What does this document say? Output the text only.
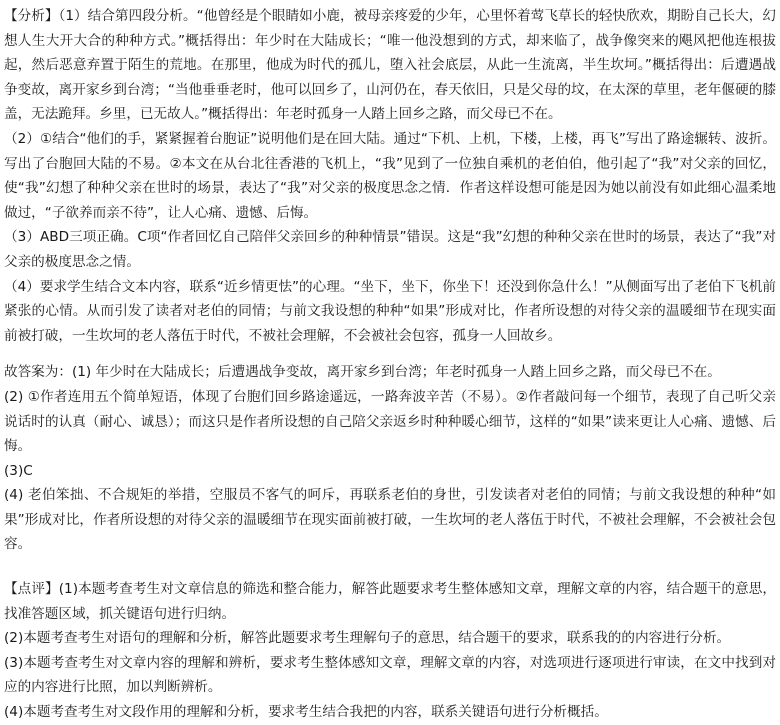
【分析】（1）结合第四段分析。“他曾经是个眼睛如小鹿，被母亲疼爱的少年，心里怀着莺飞草长的轻快欣欢，期盼自己长大，幻想人生大开大合的种种方式。”概括得出：年少时在大陆成长；“唯一他没想到的方式，却来临了，战争像突来的飓风把他连根拔起，然后恶意弃置于陌生的荒地。在那里，他成为时代的孤儿，堕入社会底层，从此一生流离，半生坎坷。”概括得出：后遭遇战争变故，离开家乡到台湾；“当他垂垂老时，他可以回乡了，山河仍在，春天依旧，只是父母的坟，在太深的草里，老年偃硬的膝盖，无法跪拜。乡里，已无故人。”概括得出：年老时孤身一人踏上回乡之路，而父母已不在。

（2）①结合“他们的手，紧紧握着台胞证”说明他们是在回大陆。通过“下机、上机，下楼，上楼，再飞”写出了路途辗转、波折。写出了台胞回大陆的不易。②本文在从台北往香港的飞机上，“我”见到了一位独自乘机的老伯伯，他引起了“我”对父亲的回忆，使“我”幻想了种种父亲在世时的场景，表达了“我”对父亲的极度思念之情．作者这样设想可能是因为她以前没有如此细心温柔地做过，“子欲养而亲不待”，让人心痛、遗憾、后悔。

（3）ABD三项正确。C项“作者回忆自己陪伴父亲回乡的种种情景”错误。这是“我”幻想的种种父亲在世时的场景，表达了“我”对父亲的极度思念之情。

（4）要求学生结合文本内容，联系“近乡情更怯”的心理。“坐下，坐下，你坐下！还没到你急什么！”从侧面写出了老伯下飞机前紧张的心情。从而引发了读者对老伯的同情；与前文我设想的种种“如果”形成对比，作者所设想的对待父亲的温暖细节在现实面前被打破，一生坎坷的老人落伍于时代，不被社会理解，不会被社会包容，孤身一人回故乡。

故答案为：(1) 年少时在大陆成长；后遭遇战争变故，离开家乡到台湾；年老时孤身一人踏上回乡之路，而父母已不在。

(2) ①作者连用五个简单短语，体现了台胞们回乡路途遥远，一路奔波辛苦（不易）。②作者敲问每一个细节，表现了自己听父亲说话时的认真（耐心、诚恳）；而这只是作者所设想的自己陪父亲返乡时种种暖心细节，这样的“如果”读来更让人心痛、遗憾、后悔。

(3)C

(4) 老伯笨拙、不合规矩的举措，空服员不客气的呵斥，再联系老伯的身世，引发读者对老伯的同情；与前文我设想的种种“如果”形成对比，作者所设想的对待父亲的温暖细节在现实面前被打破，一生坎坷的老人落伍于时代，不被社会理解，不会被社会包容。

【点评】(1)本题考查考生对文章信息的筛选和整合能力，解答此题要求考生整体感知文章，理解文章的内容，结合题干的意思，找准答题区域，抓关键语句进行归纳。

(2)本题考查考生对语句的理解和分析，解答此题要求考生理解句子的意思，结合题干的要求，联系我的的内容进行分析。

(3)本题考查考生对文章内容的理解和辨析，要求考生整体感知文章，理解文章的内容，对选项进行逐项进行审读，在文中找到对应的内容进行比照，加以判断辨析。

(4)本题考查考生对文段作用的理解和分析，要求考生结合我把的内容，联系关键语句进行分析概括。
